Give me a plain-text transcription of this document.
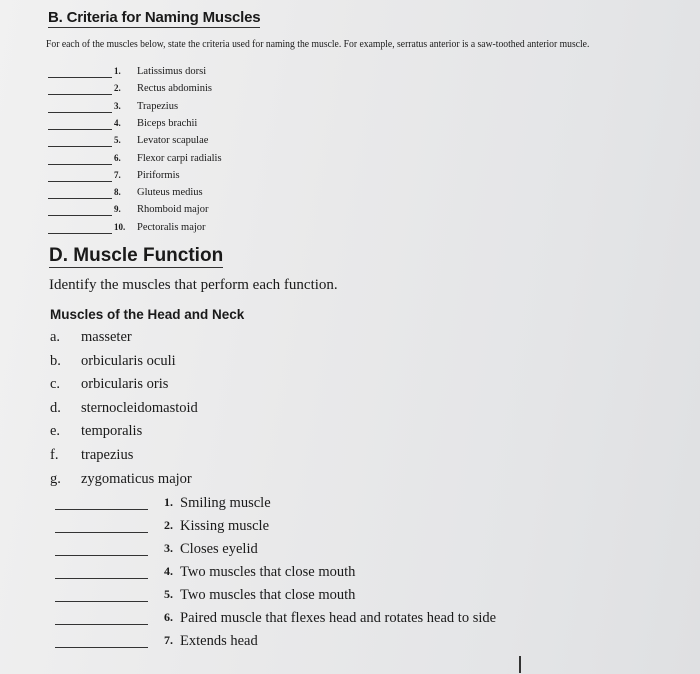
B. Criteria for Naming Muscles
For each of the muscles below, state the criteria used for naming the muscle. For example, serratus anterior is a saw-toothed anterior muscle.
1.	Latissimus dorsi
2.	Rectus abdominis
3.	Trapezius
4.	Biceps brachii
5.	Levator scapulae
6.	Flexor carpi radialis
7.	Piriformis
8.	Gluteus medius
9.	Rhomboid major
10.	Pectoralis major
D. Muscle Function
Identify the muscles that perform each function.
Muscles of the Head and Neck
a. masseter
b. orbicularis oculi
c. orbicularis oris
d. sternocleidomastoid
e. temporalis
f. trapezius
g. zygomaticus major
1. Smiling muscle
2. Kissing muscle
3. Closes eyelid
4. Two muscles that close mouth
5. Two muscles that close mouth
6. Paired muscle that flexes head and rotates head to side
7. Extends head
